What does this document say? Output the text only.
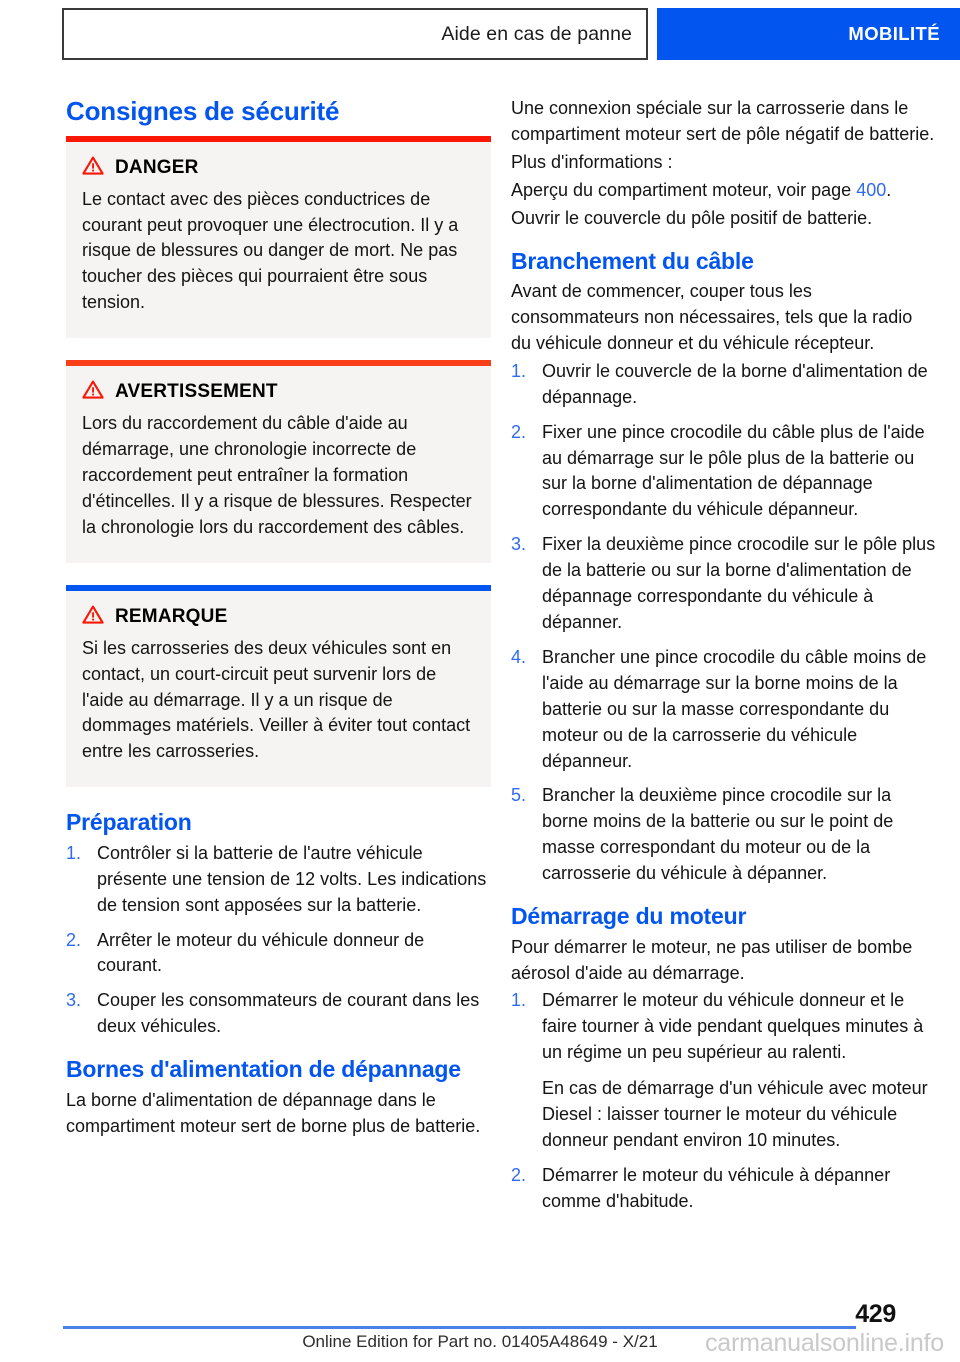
Aide en cas de panne	MOBILITÉ
Consignes de sécurité
DANGER

Le contact avec des pièces conductrices de courant peut provoquer une électrocution. Il y a risque de blessures ou danger de mort. Ne pas toucher des pièces qui pourraient être sous tension.

AVERTISSEMENT

Lors du raccordement du câble d'aide au démarrage, une chronologie incorrecte de raccordement peut entraîner la formation d'étincelles. Il y a risque de blessures. Respecter la chronologie lors du raccordement des câbles.

REMARQUE

Si les carrosseries des deux véhicules sont en contact, un court-circuit peut survenir lors de l'aide au démarrage. Il y a un risque de dommages matériels. Veiller à éviter tout contact entre les carrosseries.

Préparation
1. Contrôler si la batterie de l'autre véhicule présente une tension de 12 volts. Les indications de tension sont apposées sur la batterie.
2. Arrêter le moteur du véhicule donneur de courant.
3. Couper les consommateurs de courant dans les deux véhicules.
Bornes d'alimentation de dépannage

La borne d'alimentation de dépannage dans le compartiment moteur sert de borne plus de batterie.

Une connexion spéciale sur la carrosserie dans le compartiment moteur sert de pôle négatif de batterie.

Plus d'informations :

Aperçu du compartiment moteur, voir page 400.

Ouvrir le couvercle du pôle positif de batterie.

Branchement du câble

Avant de commencer, couper tous les consommateurs non nécessaires, tels que la radio du véhicule donneur et du véhicule récepteur.

1. Ouvrir le couvercle de la borne d'alimentation de dépannage.
2. Fixer une pince crocodile du câble plus de l'aide au démarrage sur le pôle plus de la batterie ou sur la borne d'alimentation de dépannage correspondante du véhicule dépanneur.
3. Fixer la deuxième pince crocodile sur le pôle plus de la batterie ou sur la borne d'alimentation de dépannage correspondante du véhicule à dépanner.
4. Brancher une pince crocodile du câble moins de l'aide au démarrage sur la borne moins de la batterie ou sur la masse correspondante du moteur ou de la carrosserie du véhicule dépanneur.
5. Brancher la deuxième pince crocodile sur la borne moins de la batterie ou sur le point de masse correspondant du moteur ou de la carrosserie du véhicule à dépanner.
Démarrage du moteur

Pour démarrer le moteur, ne pas utiliser de bombe aérosol d'aide au démarrage.

1. Démarrer le moteur du véhicule donneur et le faire tourner à vide pendant quelques minutes à un régime un peu supérieur au ralenti.
En cas de démarrage d'un véhicule avec moteur Diesel : laisser tourner le moteur du véhicule donneur pendant environ 10 minutes.
2. Démarrer le moteur du véhicule à dépanner comme d'habitude.
429
Online Edition for Part no. 01405A48649 - X/21	carmanualsonline.info
